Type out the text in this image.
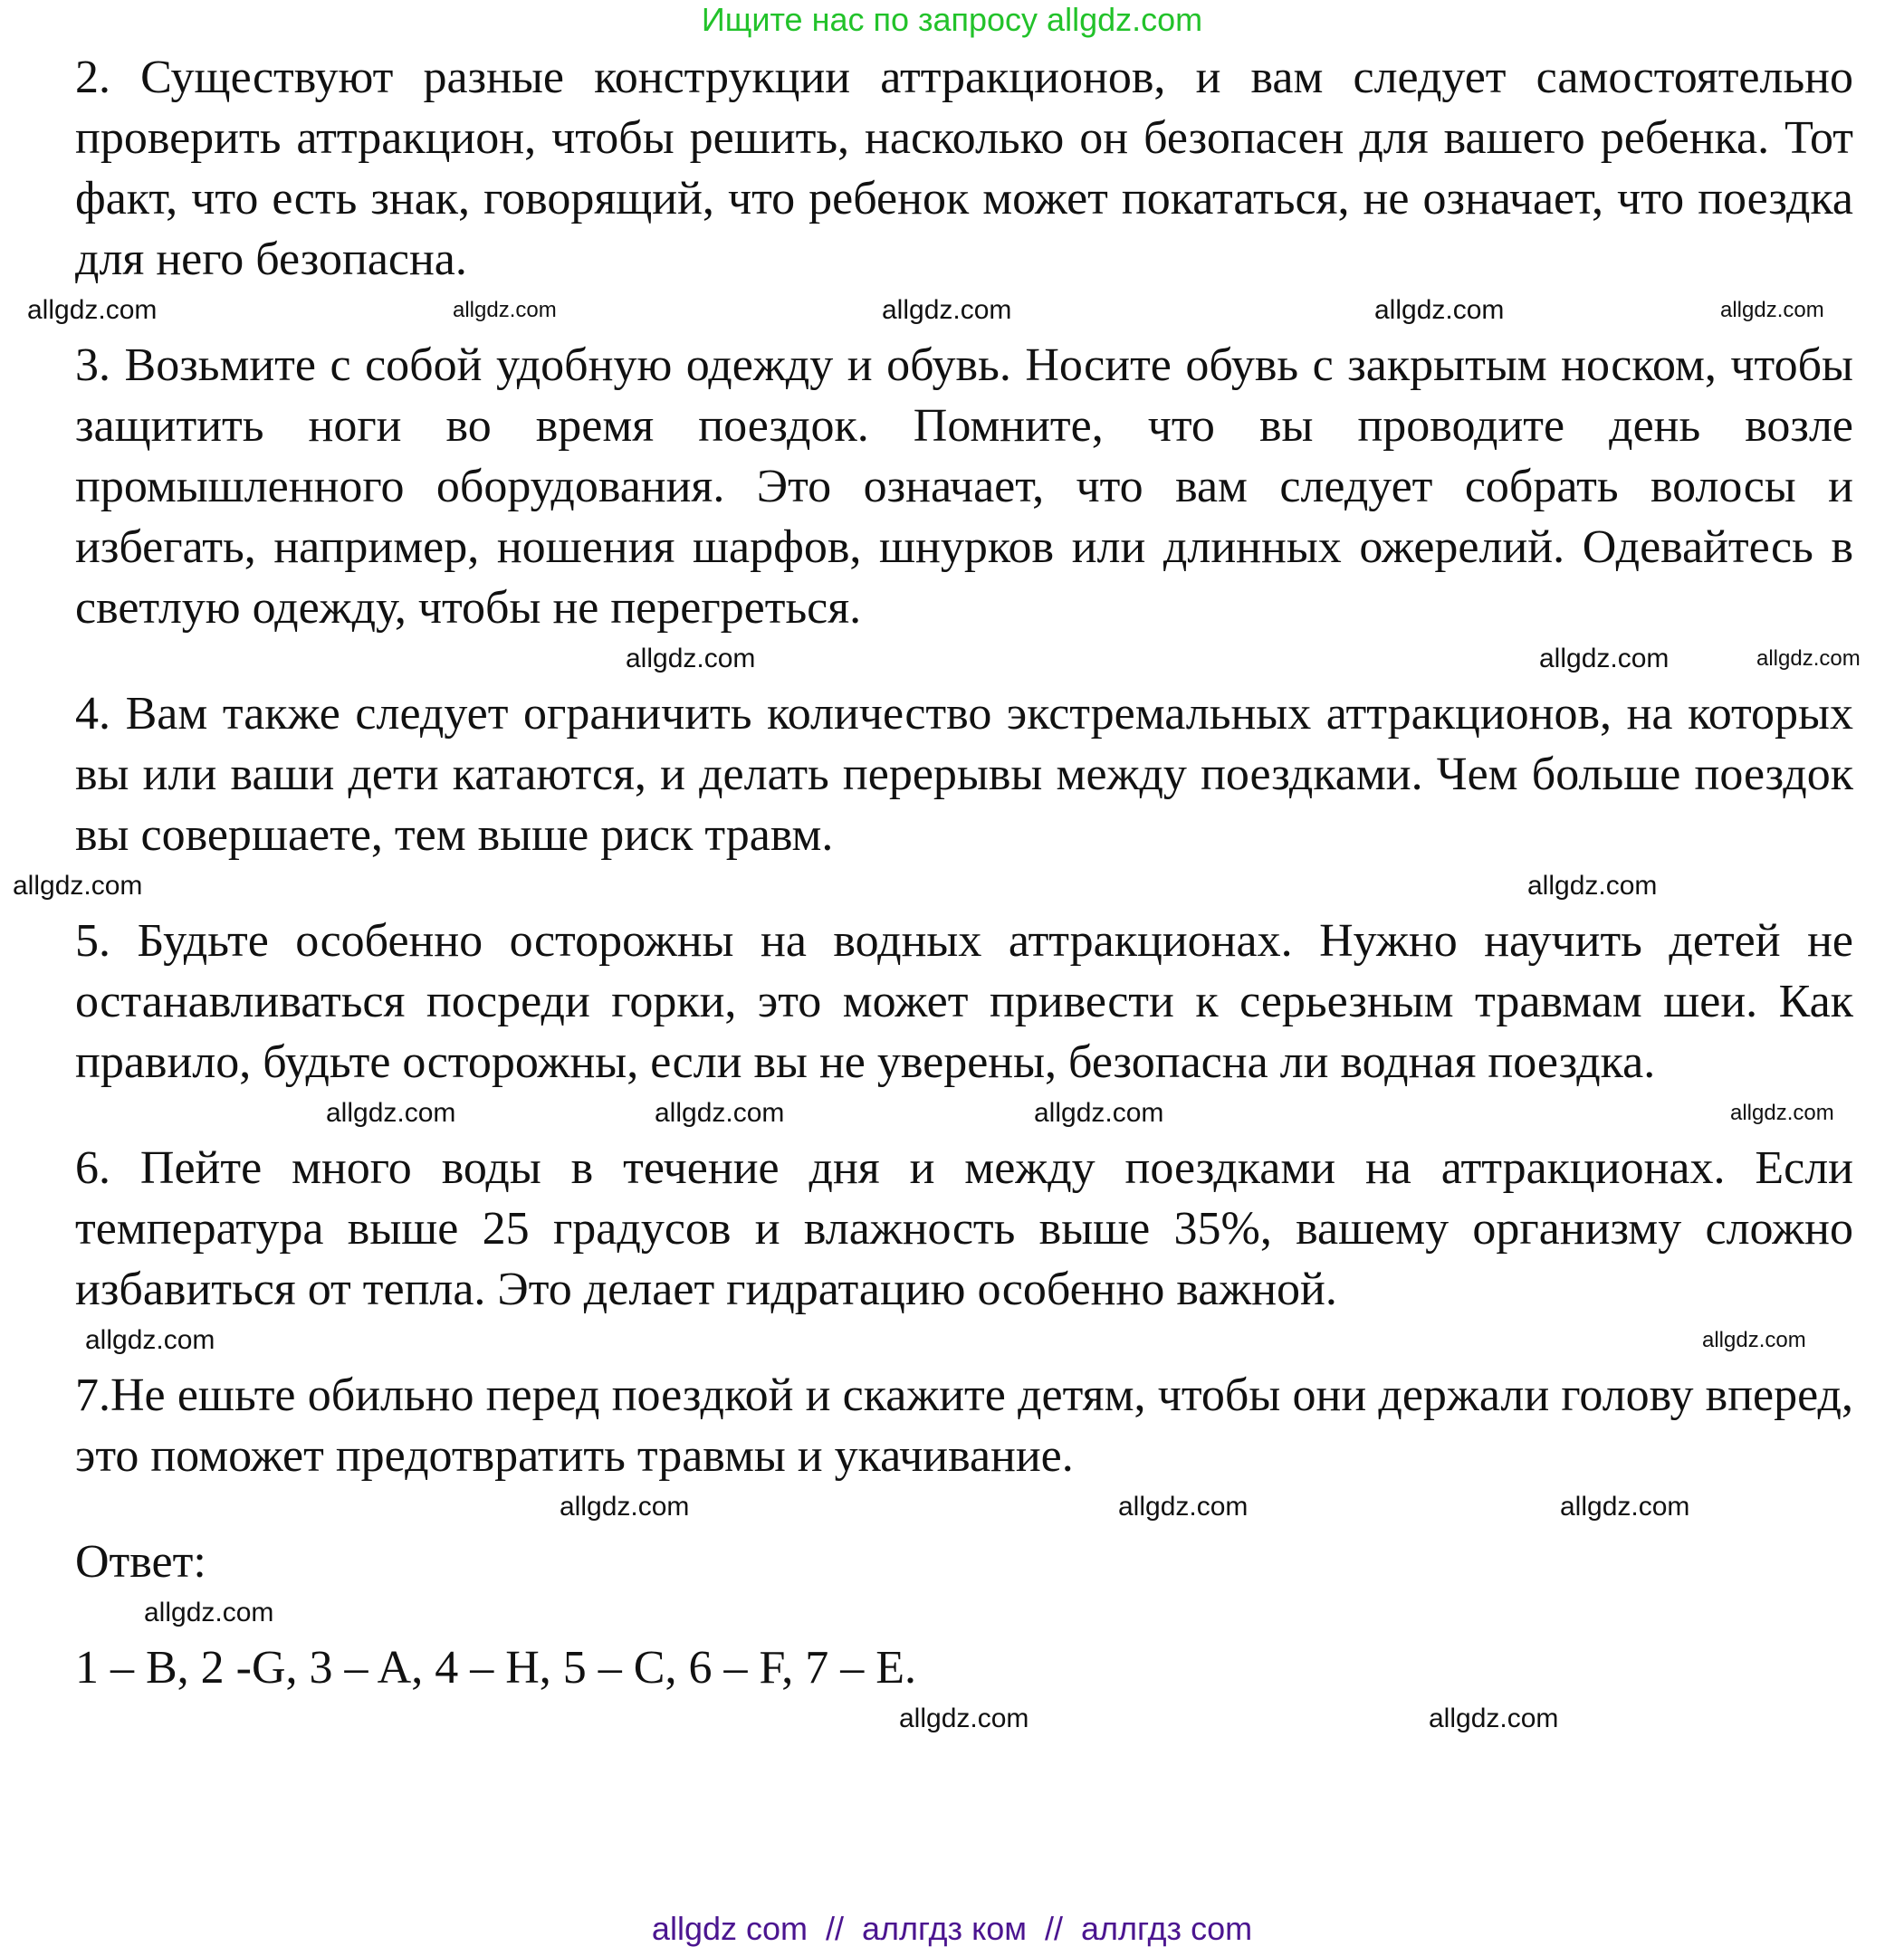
Ищите нас по запросу allgdz.com

2. Существуют разные конструкции аттракционов, и вам следует самостоятельно проверить аттракцион, чтобы решить, насколько он безопасен для вашего ребенка. Тот факт, что есть знак, говорящий, что ребенок может покататься, не означает, что поездка для него безопасна.

allgdz.com	allgdz.com	allgdz.com	allgdz.com	allgdz.com

3. Возьмите с собой удобную одежду и обувь. Носите обувь с закрытым носком, чтобы защитить ноги во время поездок. Помните, что вы проводите день возле промышленного оборудования. Это означает, что вам следует собрать волосы и избегать, например, ношения шарфов, шнурков или длинных ожерелий. Одевайтесь в светлую одежду, чтобы не перегреться.

allgdz.com	allgdz.com	allgdz.com

4. Вам также следует ограничить количество экстремальных аттракционов, на которых вы или ваши дети катаются, и делать перерывы между поездками. Чем больше поездок вы совершаете, тем выше риск травм.

allgdz.com	allgdz.com

5. Будьте особенно осторожны на водных аттракционах. Нужно научить детей не останавливаться посреди горки, это может привести к серьезным травмам шеи. Как правило, будьте осторожны, если вы не уверены, безопасна ли водная поездка.

allgdz.com	allgdz.com	allgdz.com	allgdz.com

6. Пейте много воды в течение дня и между поездками на аттракционах. Если температура выше 25 градусов и влажность выше 35%, вашему организму сложно избавиться от тепла. Это делает гидратацию особенно важной.

allgdz.com	allgdz.com

7.Не ешьте обильно перед поездкой и скажите детям, чтобы они держали голову вперед, это поможет предотвратить травмы и укачивание.

allgdz.com	allgdz.com	allgdz.com

Ответ:

allgdz.com

1 – B, 2 -G, 3 – A, 4 – H, 5 – C, 6 – F, 7 – E.

allgdz.com	allgdz.com
allgdz com  //  аллгдз ком  //  аллгдз com
